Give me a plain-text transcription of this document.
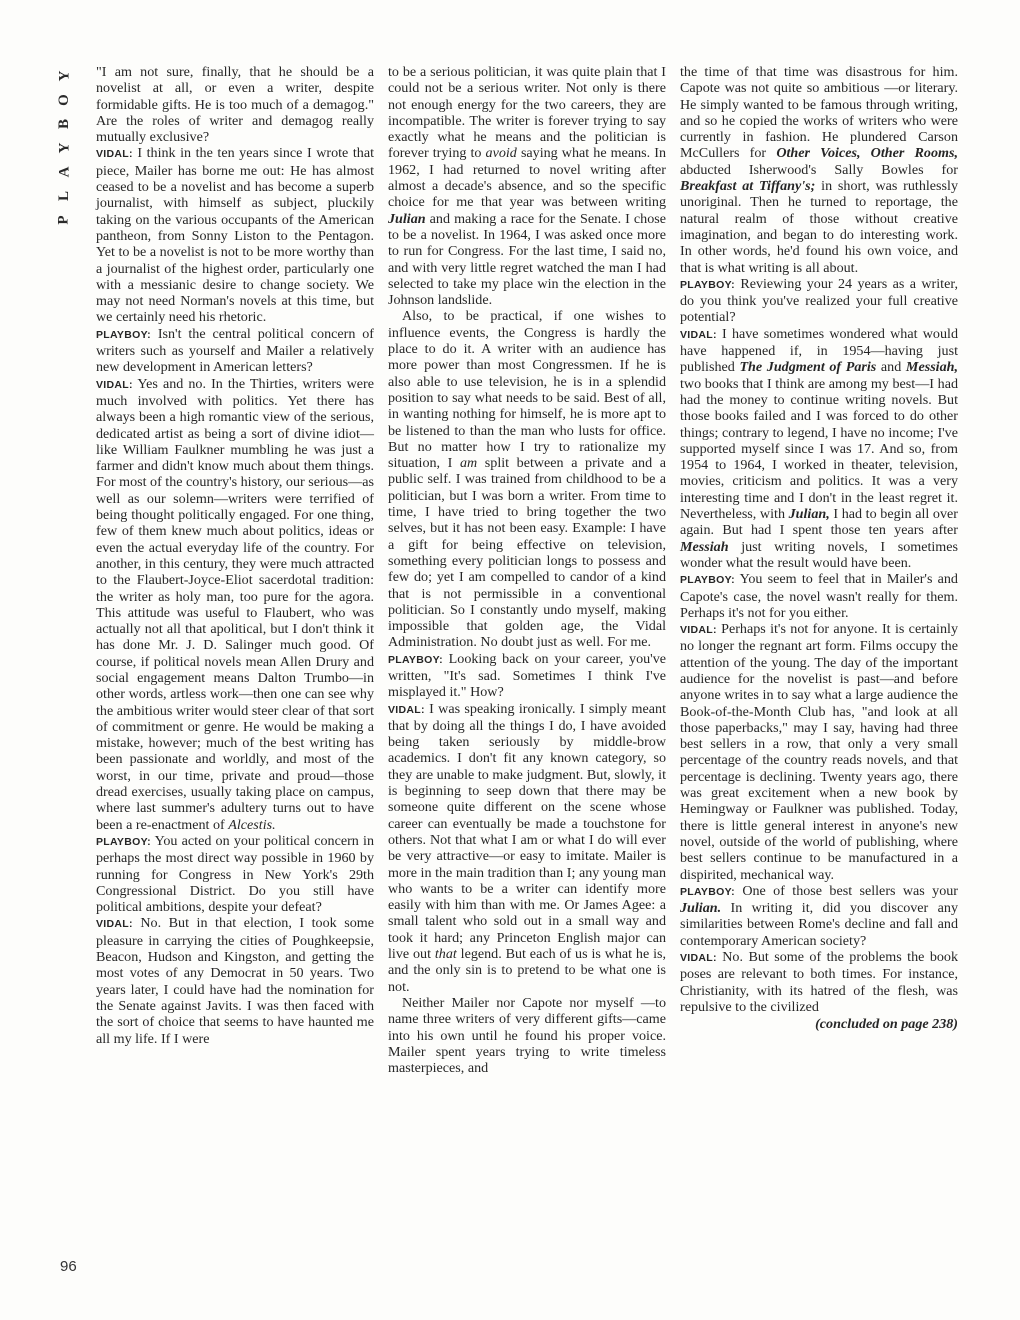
Y
O
B
Y
A
L
P
96

"I am not sure, finally, that he should be a novelist at all, or even a writer, despite formidable gifts. He is too much of a demagog." Are the roles of writer and demagog really mutually exclusive?

VIDAL: I think in the ten years since I wrote that piece, Mailer has borne me out: He has almost ceased to be a novelist and has become a superb journalist, with himself as subject, pluckily taking on the various occupants of the American pantheon, from Sonny Liston to the Pentagon. Yet to be a novelist is not to be more worthy than a journalist of the highest order, particularly one with a messianic desire to change society. We may not need Norman's novels at this time, but we certainly need his rhetoric.

PLAYBOY: Isn't the central political concern of writers such as yourself and Mailer a relatively new development in American letters?

VIDAL: Yes and no. In the Thirties, writers were much involved with politics. Yet there has always been a high romantic view of the serious, dedicated artist as being a sort of divine idiot—like William Faulkner mumbling he was just a farmer and didn't know much about them things. For most of the country's history, our serious—as well as our solemn—writers were terrified of being thought politically engaged. For one thing, few of them knew much about politics, ideas or even the actual everyday life of the country. For another, in this century, they were much attracted to the Flaubert-Joyce-Eliot sacerdotal tradition: the writer as holy man, too pure for the agora. This attitude was useful to Flaubert, who was actually not all that apolitical, but I don't think it has done Mr. J. D. Salinger much good. Of course, if political novels mean Allen Drury and social engagement means Dalton Trumbo—in other words, artless work—then one can see why the ambitious writer would steer clear of that sort of commitment or genre. He would be making a mistake, however; much of the best writing has been passionate and worldly, and most of the worst, in our time, private and proud—those dread exercises, usually taking place on campus, where last summer's adultery turns out to have been a re-enactment of Alcestis.

PLAYBOY: You acted on your political concern in perhaps the most direct way possible in 1960 by running for Congress in New York's 29th Congressional District. Do you still have political ambitions, despite your defeat?

VIDAL: No. But in that election, I took some pleasure in carrying the cities of Poughkeepsie, Beacon, Hudson and Kingston, and getting the most votes of any Democrat in 50 years. Two years later, I could have had the nomination for the Senate against Javits. I was then faced with the sort of choice that seems to have haunted me all my life. If I were

to be a serious politician, it was quite plain that I could not be a serious writer. Not only is there not enough energy for the two careers, they are incompatible. The writer is forever trying to say exactly what he means and the politician is forever trying to avoid saying what he means. In 1962, I had returned to novel writing after almost a decade's absence, and so the specific choice for me that year was between writing Julian and making a race for the Senate. I chose to be a novelist. In 1964, I was asked once more to run for Congress. For the last time, I said no, and with very little regret watched the man I had selected to take my place win the election in the Johnson landslide.

Also, to be practical, if one wishes to influence events, the Congress is hardly the place to do it. A writer with an audience has more power than most Congressmen. If he is also able to use television, he is in a splendid position to say what needs to be said. Best of all, in wanting nothing for himself, he is more apt to be listened to than the man who lusts for office. But no matter how I try to rationalize my situation, I am split between a private and a public self. I was trained from childhood to be a politician, but I was born a writer. From time to time, I have tried to bring together the two selves, but it has not been easy. Example: I have a gift for being effective on television, something every politician longs to possess and few do; yet I am compelled to candor of a kind that is not permissible in a conventional politician. So I constantly undo myself, making impossible that golden age, the Vidal Administration. No doubt just as well. For me.

PLAYBOY: Looking back on your career, you've written, "It's sad. Sometimes I think I've misplayed it." How?

VIDAL: I was speaking ironically. I simply meant that by doing all the things I do, I have avoided being taken seriously by middle-brow academics. I don't fit any known category, so they are unable to make judgment. But, slowly, it is beginning to seep down that there may be someone quite different on the scene whose career can eventually be made a touchstone for others. Not that what I am or what I do will ever be very attractive—or easy to imitate. Mailer is more in the main tradition than I; any young man who wants to be a writer can identify more easily with him than with me. Or James Agee: a small talent who sold out in a small way and took it hard; any Princeton English major can live out that legend. But each of us is what he is, and the only sin is to pretend to be what one is not.

Neither Mailer nor Capote nor myself —to name three writers of very different gifts—came into his own until he found his proper voice. Mailer spent years trying to write timeless masterpieces, and

the time of that time was disastrous for him. Capote was not quite so ambitious —or literary. He simply wanted to be famous through writing, and so he copied the works of writers who were currently in fashion. He plundered Carson McCullers for Other Voices, Other Rooms, abducted Isherwood's Sally Bowles for Breakfast at Tiffany's; in short, was ruthlessly unoriginal. Then he turned to reportage, the natural realm of those without creative imagination, and began to do interesting work. In other words, he'd found his own voice, and that is what writing is all about.

PLAYBOY: Reviewing your 24 years as a writer, do you think you've realized your full creative potential?

VIDAL: I have sometimes wondered what would have happened if, in 1954—having just published The Judgment of Paris and Messiah, two books that I think are among my best—I had had the money to continue writing novels. But those books failed and I was forced to do other things; contrary to legend, I have no income; I've supported myself since I was 17. And so, from 1954 to 1964, I worked in theater, television, movies, criticism and politics. It was a very interesting time and I don't in the least regret it. Nevertheless, with Julian, I had to begin all over again. But had I spent those ten years after Messiah just writing novels, I sometimes wonder what the result would have been.

PLAYBOY: You seem to feel that in Mailer's and Capote's case, the novel wasn't really for them. Perhaps it's not for you either.

VIDAL: Perhaps it's not for anyone. It is certainly no longer the regnant art form. Films occupy the attention of the young. The day of the important audience for the novelist is past—and before anyone writes in to say what a large audience the Book-of-the-Month Club has, "and look at all those paperbacks," may I say, having had three best sellers in a row, that only a very small percentage of the country reads novels, and that percentage is declining. Twenty years ago, there was great excitement when a new book by Hemingway or Faulkner was published. Today, there is little general interest in anyone's new novel, outside of the world of publishing, where best sellers continue to be manufactured in a dispirited, mechanical way.

PLAYBOY: One of those best sellers was your Julian. In writing it, did you discover any similarities between Rome's decline and fall and contemporary American society?

VIDAL: No. But some of the problems the book poses are relevant to both times. For instance, Christianity, with its hatred of the flesh, was repulsive to the civilized

(concluded on page 238)
